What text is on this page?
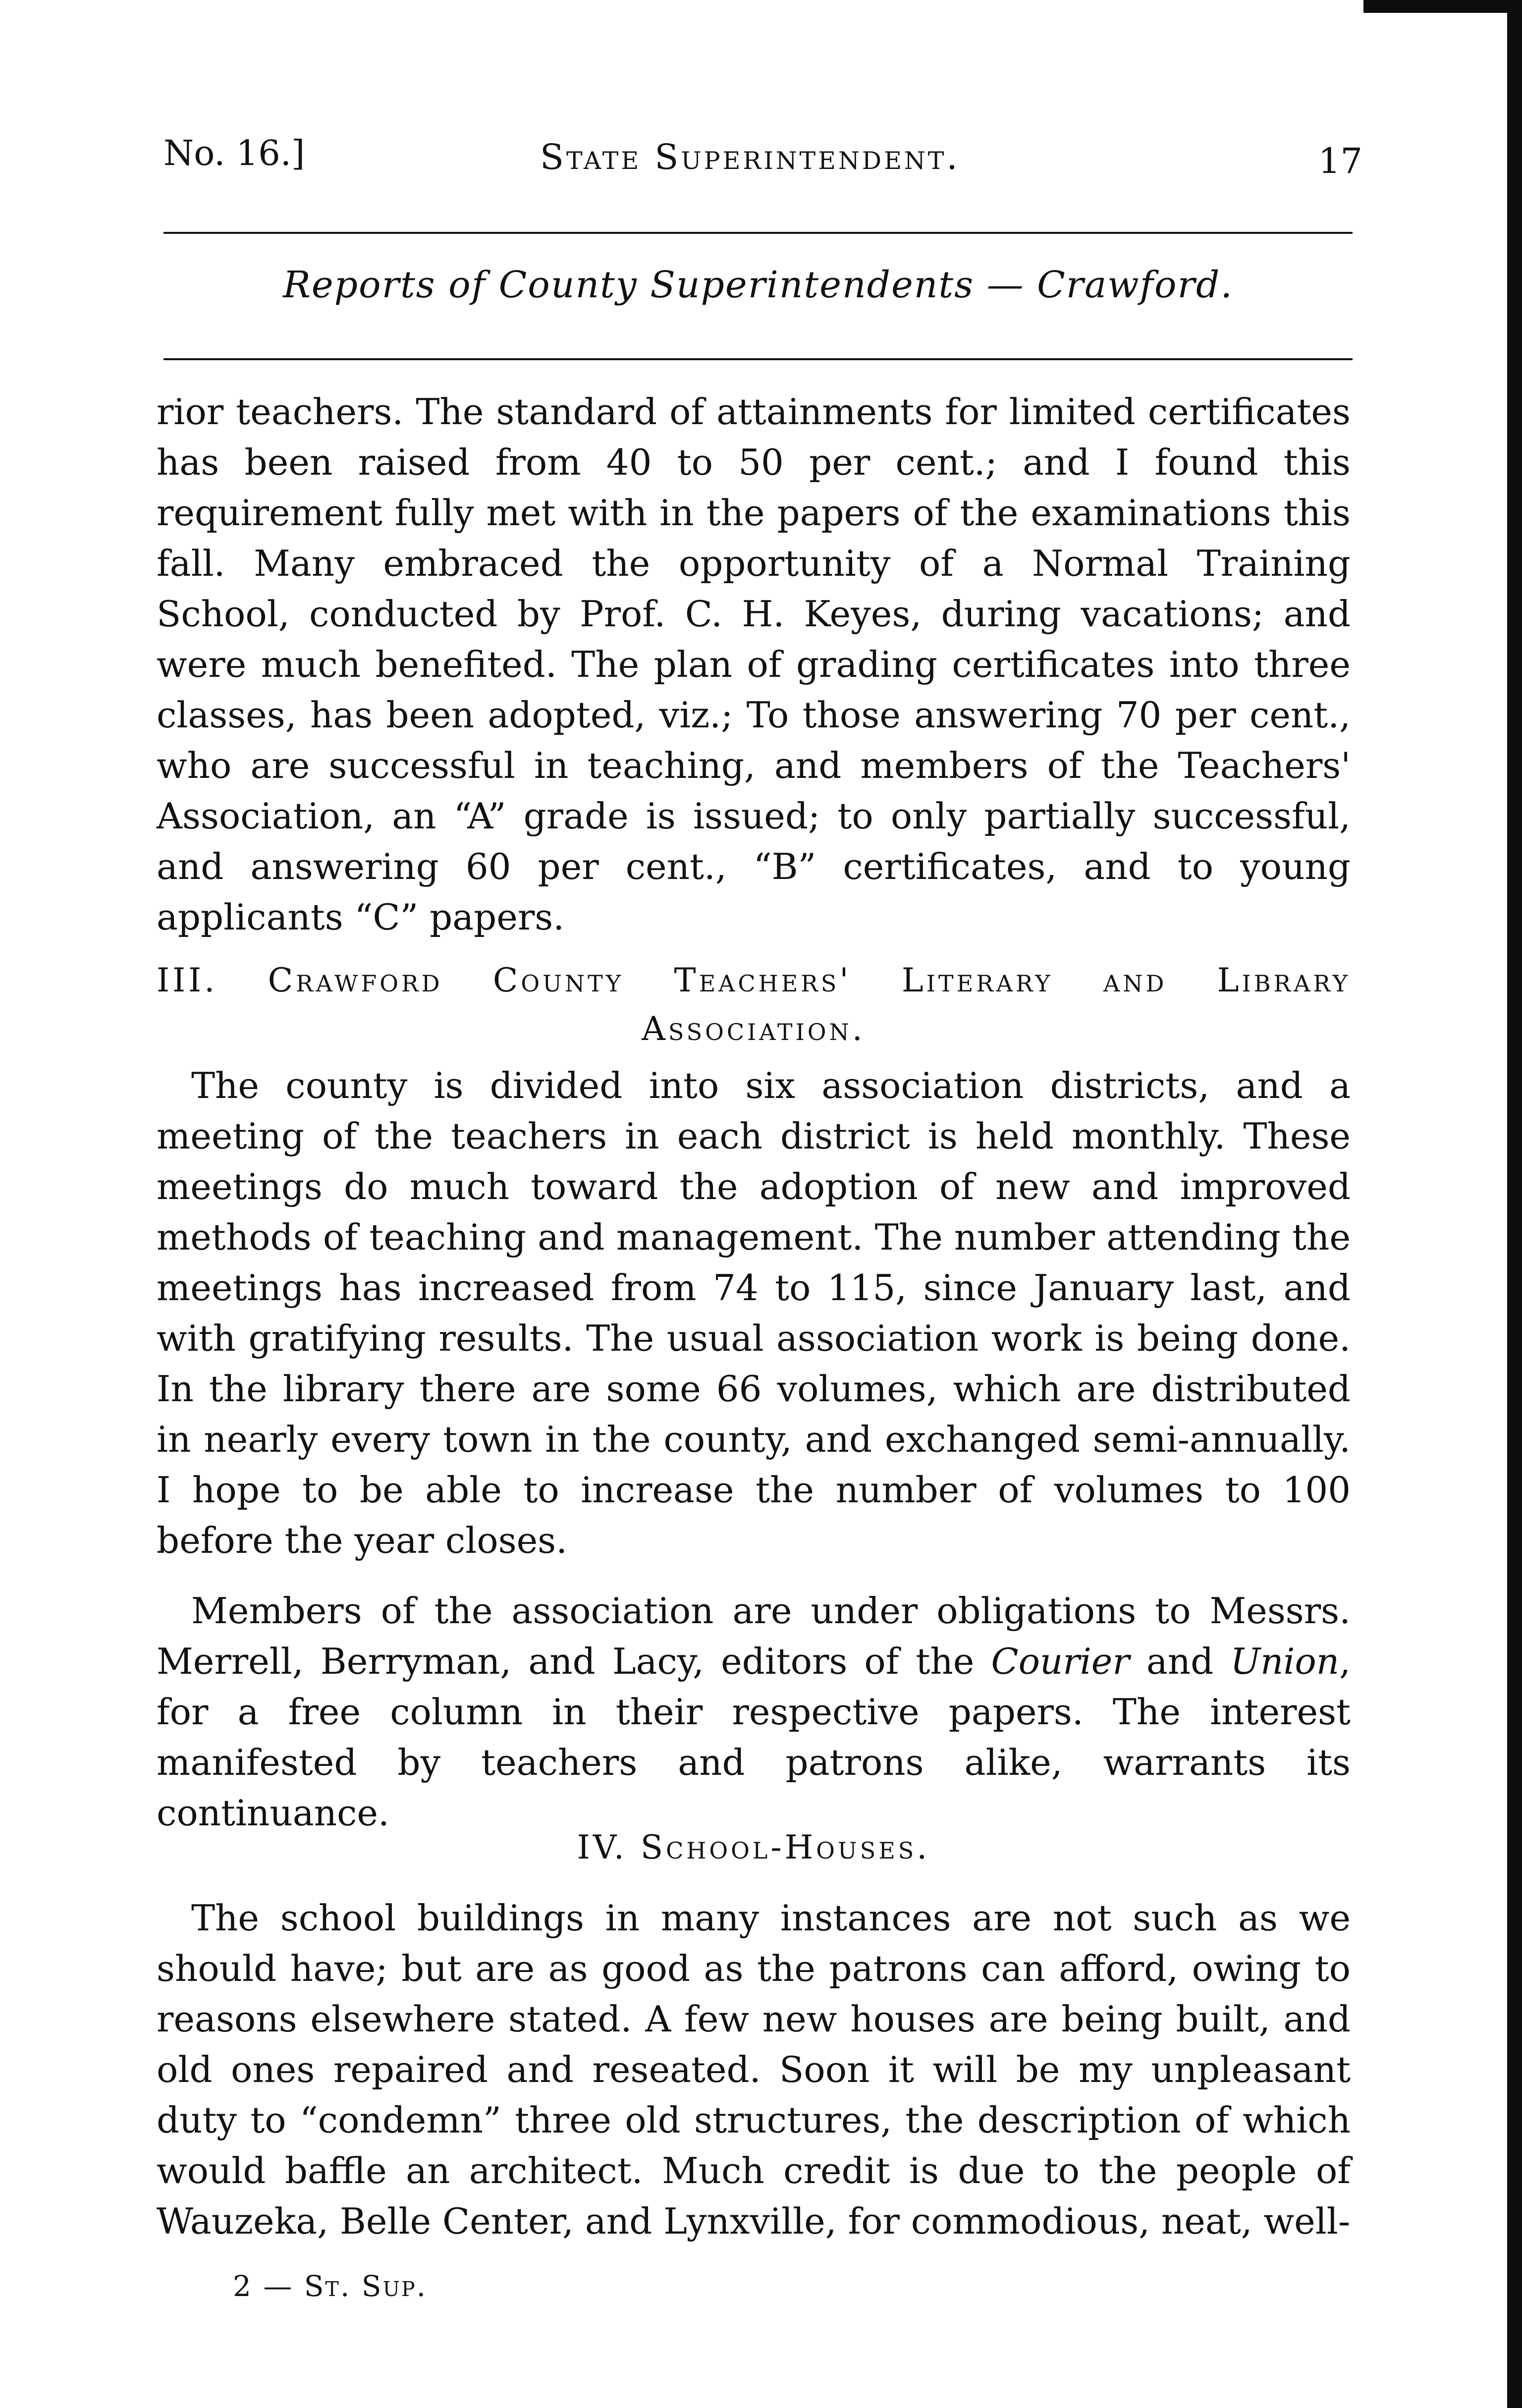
No. 16.]	State Superintendent.	17
Reports of County Superintendents — Crawford.

rior teachers. The standard of attainments for limited certificates has been raised from 40 to 50 per cent.; and I found this requirement fully met with in the papers of the examinations this fall. Many embraced the opportunity of a Normal Training School, conducted by Prof. C. H. Keyes, during vacations; and were much benefited. The plan of grading certificates into three classes, has been adopted, viz.; To those answering 70 per cent., who are successful in teaching, and members of the Teachers' Association, an “A” grade is issued; to only partially successful, and answering 60 per cent., “B” certificates, and to young applicants “C” papers.

III. Crawford County Teachers' Literary and Library
Association.

The county is divided into six association districts, and a meeting of the teachers in each district is held monthly. These meetings do much toward the adoption of new and improved methods of teaching and management. The number attending the meetings has increased from 74 to 115, since January last, and with gratifying results. The usual association work is being done. In the library there are some 66 volumes, which are distributed in nearly every town in the county, and exchanged semi-annually. I hope to be able to increase the number of volumes to 100 before the year closes.

Members of the association are under obligations to Messrs. Merrell, Berryman, and Lacy, editors of the Courier and Union, for a free column in their respective papers. The interest manifested by teachers and patrons alike, warrants its continuance.

IV. School-Houses.

The school buildings in many instances are not such as we should have; but are as good as the patrons can afford, owing to reasons elsewhere stated. A few new houses are being built, and old ones repaired and reseated. Soon it will be my unpleasant duty to “condemn” three old structures, the description of which would baffle an architect. Much credit is due to the people of Wauzeka, Belle Center, and Lynxville, for commodious, neat, well-

2 — St. Sup.
